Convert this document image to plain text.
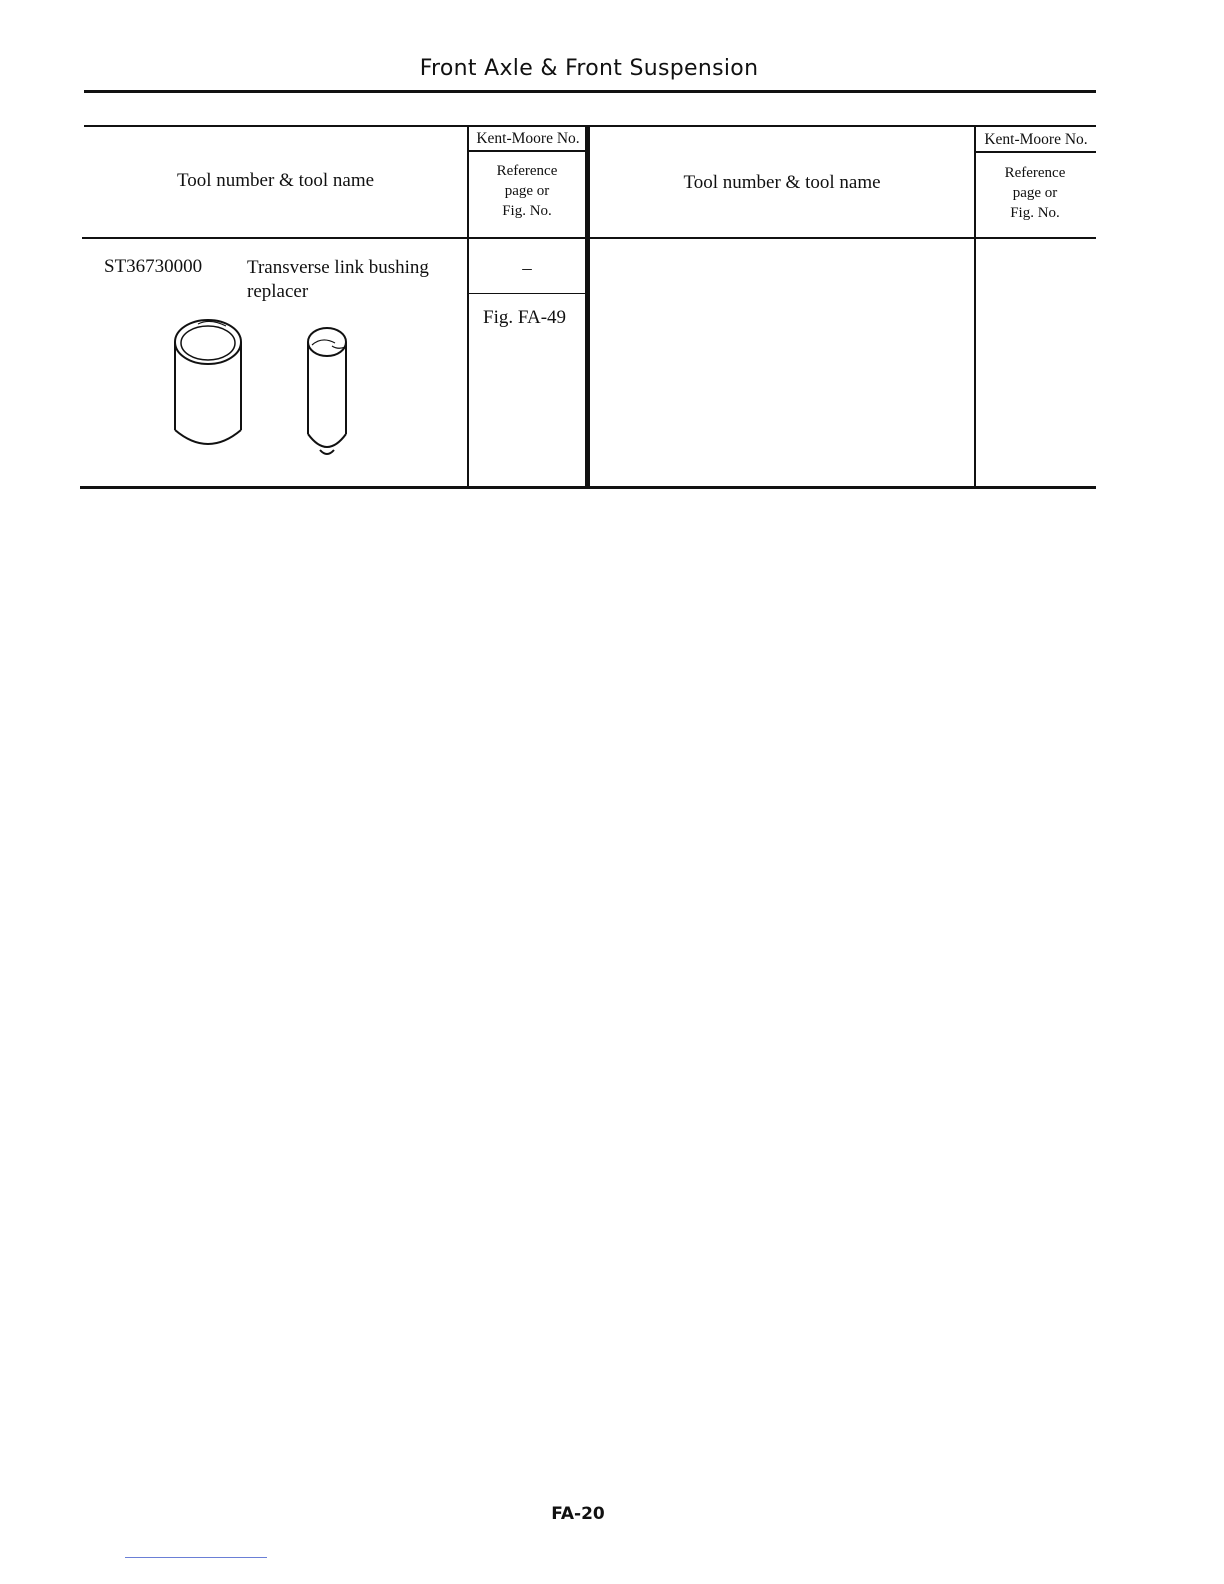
Front Axle & Front Suspension
Tool number & tool name
Kent-Moore No.
Reference
page or
Fig. No.
Tool number & tool name
Kent-Moore No.
Reference
page or
Fig. No.
ST36730000 Transverse link bushing
replacer
–
Fig. FA-49
FA-20
